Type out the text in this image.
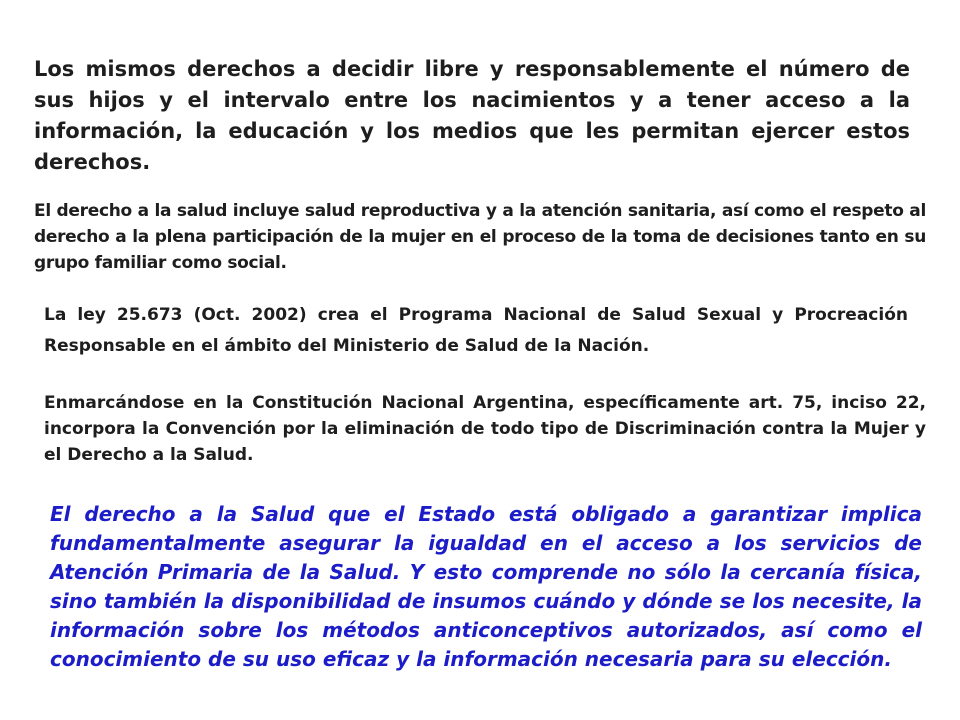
Los mismos derechos a decidir libre y responsablemente el número de sus hijos y el intervalo entre los nacimientos y a tener acceso a la información, la educación y los medios que les permitan ejercer estos derechos.

El derecho a la salud incluye salud reproductiva y a la atención sanitaria, así como el respeto al derecho a la plena participación de la mujer en el proceso de la toma de decisiones tanto en su grupo familiar como social.

La ley 25.673 (Oct. 2002) crea el Programa Nacional de Salud Sexual y Procreación Responsable en el ámbito del Ministerio de Salud de la Nación.

Enmarcándose en la Constitución Nacional Argentina, específicamente art. 75, inciso 22, incorpora la Convención por la eliminación de todo tipo de Discriminación contra la Mujer y el Derecho a la Salud.

El derecho a la Salud que el Estado está obligado a garantizar implica fundamentalmente asegurar la igualdad en el acceso a los servicios de Atención Primaria de la Salud. Y esto comprende no sólo la cercanía física, sino también la disponibilidad de insumos cuándo y dónde se los necesite, la información sobre los métodos anticonceptivos autorizados, así como el conocimiento de su uso eficaz y la información necesaria para su elección.
